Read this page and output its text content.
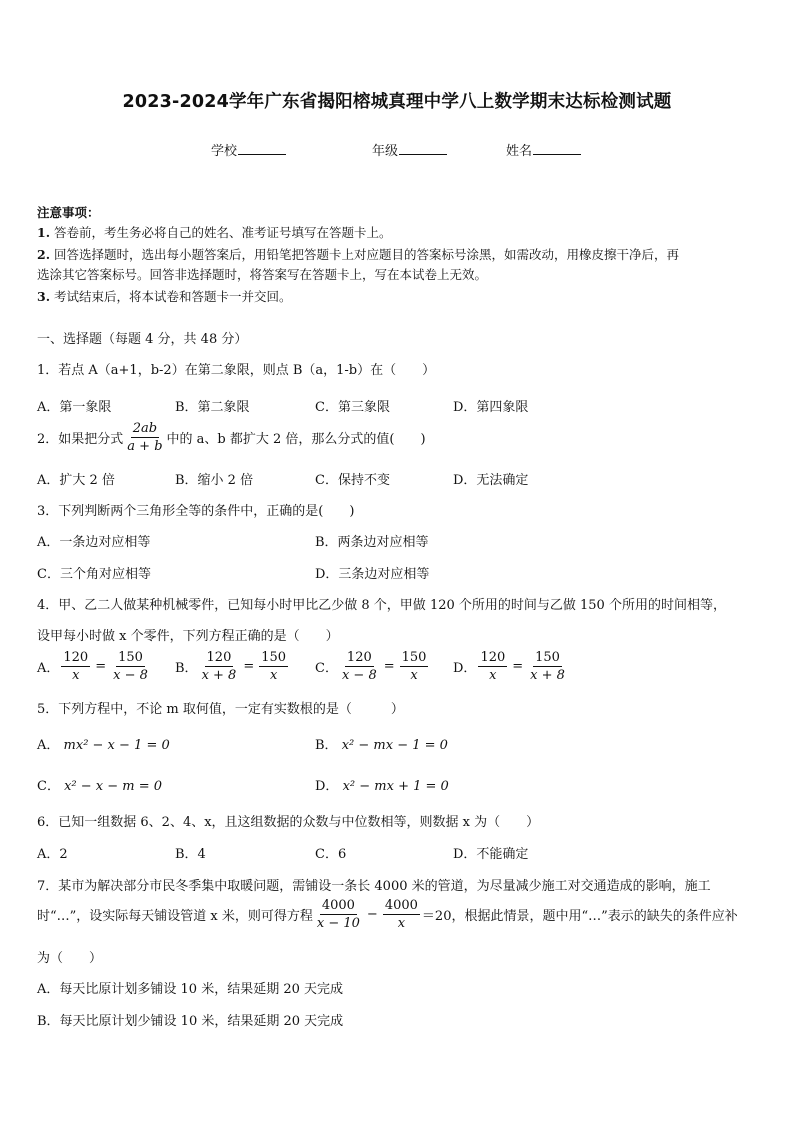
2023-2024学年广东省揭阳榕城真理中学八上数学期末达标检测试题
学校	年级	姓名
注意事项：
1. 答卷前，考生务必将自己的姓名、准考证号填写在答题卡上。
2. 回答选择题时，选出每小题答案后，用铅笔把答题卡上对应题目的答案标号涂黑，如需改动，用橡皮擦干净后，再
选涂其它答案标号。回答非选择题时，将答案写在答题卡上，写在本试卷上无效。
3. 考试结束后，将本试卷和答题卡一并交回。
一、选择题（每题 4 分，共 48 分）
1．若点 A（a+1，b-2）在第二象限，则点 B（a，1-b）在（　　）
A．第一象限	B．第二象限	C．第三象限	D．第四象限
2．如果把分式 $\frac{2ab}{a + b}$ 中的 a、b 都扩大 2 倍，那么分式的值(　　)
A．扩大 2 倍	B．缩小 2 倍	C．保持不变	D．无法确定
3．下列判断两个三角形全等的条件中，正确的是(　　)
A．一条边对应相等	B．两条边对应相等
C．三个角对应相等	D．三条边对应相等
4．甲、乙二人做某种机械零件，已知每小时甲比乙少做 8 个，甲做 120 个所用的时间与乙做 150 个所用的时间相等，
设甲每小时做 x 个零件，下列方程正确的是（　　）
A． $\frac{120}{x} = \frac{150}{x - 8}$ B． $\frac{120}{x + 8} = \frac{150}{x}$ C． $\frac{120}{x - 8} = \frac{150}{x}$ D． $\frac{120}{x} = \frac{150}{x + 8}$
5．下列方程中，不论 m 取何值，一定有实数根的是（　　　）
A． mx² − x − 1 = 0	B． x² − mx − 1 = 0
C． x² − x − m = 0	D． x² − mx + 1 = 0
6．已知一组数据 6、2、4、x，且这组数据的众数与中位数相等，则数据 x 为（　　）
A．2	B．4	C．6	D．不能确定
7．某市为解决部分市民冬季集中取暖问题，需铺设一条长 4000 米的管道，为尽量减少施工对交通造成的影响，施工
时“…”，设实际每天铺设管道 x 米，则可得方程 $\frac{4000}{x - 10} - \frac{4000}{x} =20$，根据此情景，题中用“…”表示的缺失的条件应补
为（　　）
A．每天比原计划多铺设 10 米，结果延期 20 天完成
B．每天比原计划少铺设 10 米，结果延期 20 天完成
